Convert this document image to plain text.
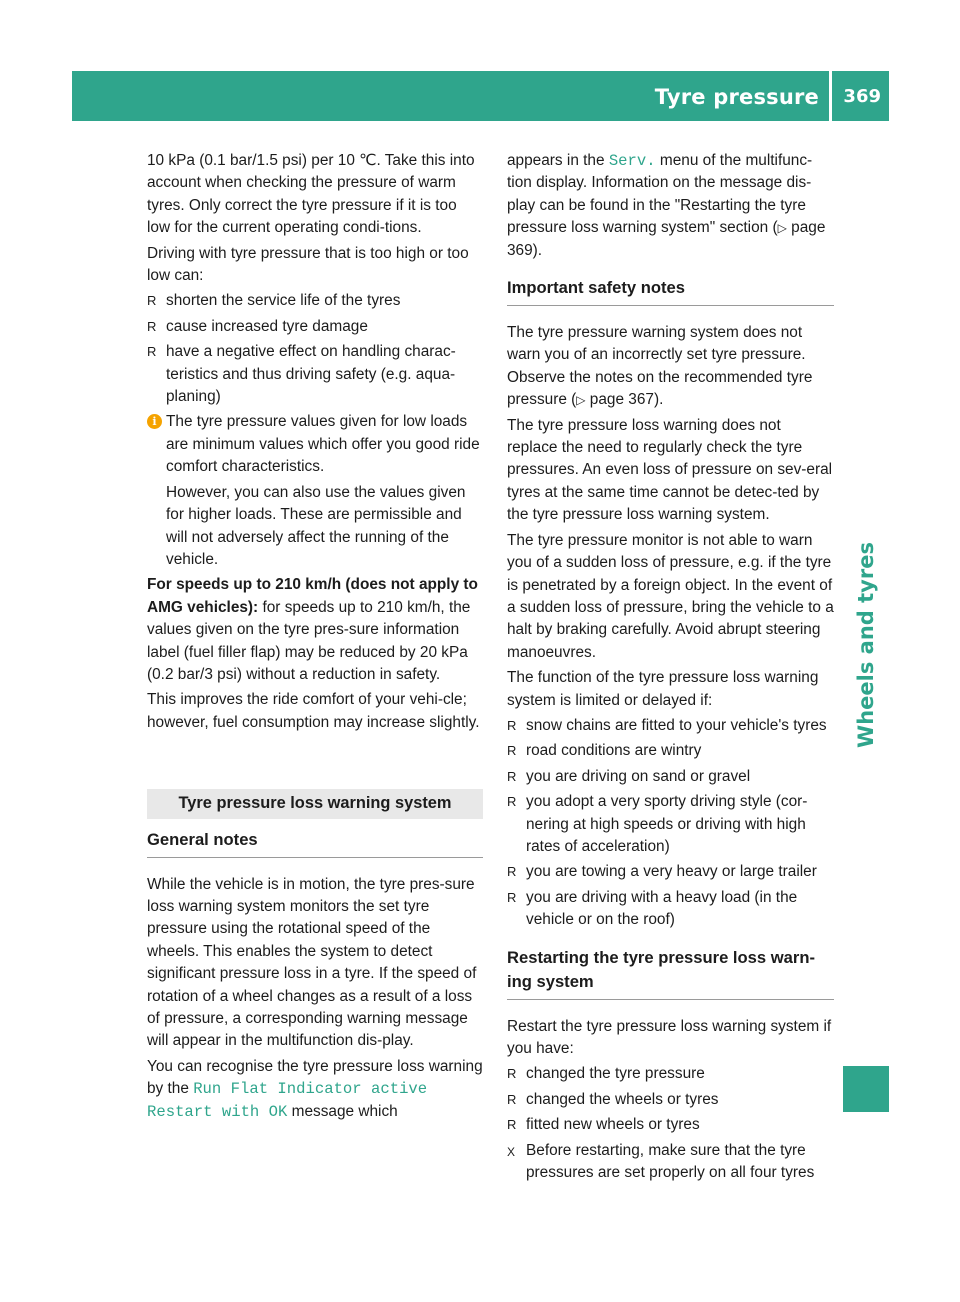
Tyre pressure 369
Wheels and tyres

10 kPa (0.1 bar/1.5 psi) per 10 ℃. Take this into account when checking the pressure of warm tyres. Only correct the tyre pressure if it is too low for the current operating condi-tions.

Driving with tyre pressure that is too high or too low can:

R shorten the service life of the tyres
R cause increased tyre damage
R have a negative effect on handling charac-teristics and thus driving safety (e.g. aqua-planing)
i The tyre pressure values given for low loads are minimum values which offer you good ride comfort characteristics.

However, you can also use the values given for higher loads. These are permissible and will not adversely affect the running of the vehicle.

For speeds up to 210 km/h (does not apply to AMG vehicles): for speeds up to 210 km/h, the values given on the tyre pres-sure information label (fuel filler flap) may be reduced by 20 kPa (0.2 bar/3 psi) without a reduction in safety.

This improves the ride comfort of your vehi-cle; however, fuel consumption may increase slightly.

Tyre pressure loss warning system
General notes

While the vehicle is in motion, the tyre pres-sure loss warning system monitors the set tyre pressure using the rotational speed of the wheels. This enables the system to detect significant pressure loss in a tyre. If the speed of rotation of a wheel changes as a result of a loss of pressure, a corresponding warning message will appear in the multifunction dis-play.

You can recognise the tyre pressure loss warning by the Run Flat Indicator active Restart with OK message which

appears in the Serv. menu of the multifunc-tion display. Information on the message dis-play can be found in the "Restarting the tyre pressure loss warning system" section (▷ page 369).

Important safety notes

The tyre pressure warning system does not warn you of an incorrectly set tyre pressure. Observe the notes on the recommended tyre pressure (▷ page 367).

The tyre pressure loss warning does not replace the need to regularly check the tyre pressures. An even loss of pressure on sev-eral tyres at the same time cannot be detec-ted by the tyre pressure loss warning system.

The tyre pressure monitor is not able to warn you of a sudden loss of pressure, e.g. if the tyre is penetrated by a foreign object. In the event of a sudden loss of pressure, bring the vehicle to a halt by braking carefully. Avoid abrupt steering manoeuvres.

The function of the tyre pressure loss warning system is limited or delayed if:

R snow chains are fitted to your vehicle's tyres
R road conditions are wintry
R you are driving on sand or gravel
R you adopt a very sporty driving style (cor-nering at high speeds or driving with high rates of acceleration)
R you are towing a very heavy or large trailer
R you are driving with a heavy load (in the vehicle or on the roof)
Restarting the tyre pressure loss warn-ing system

Restart the tyre pressure loss warning system if you have:

R changed the tyre pressure
R changed the wheels or tyres
R fitted new wheels or tyres
X Before restarting, make sure that the tyre pressures are set properly on all four tyres
